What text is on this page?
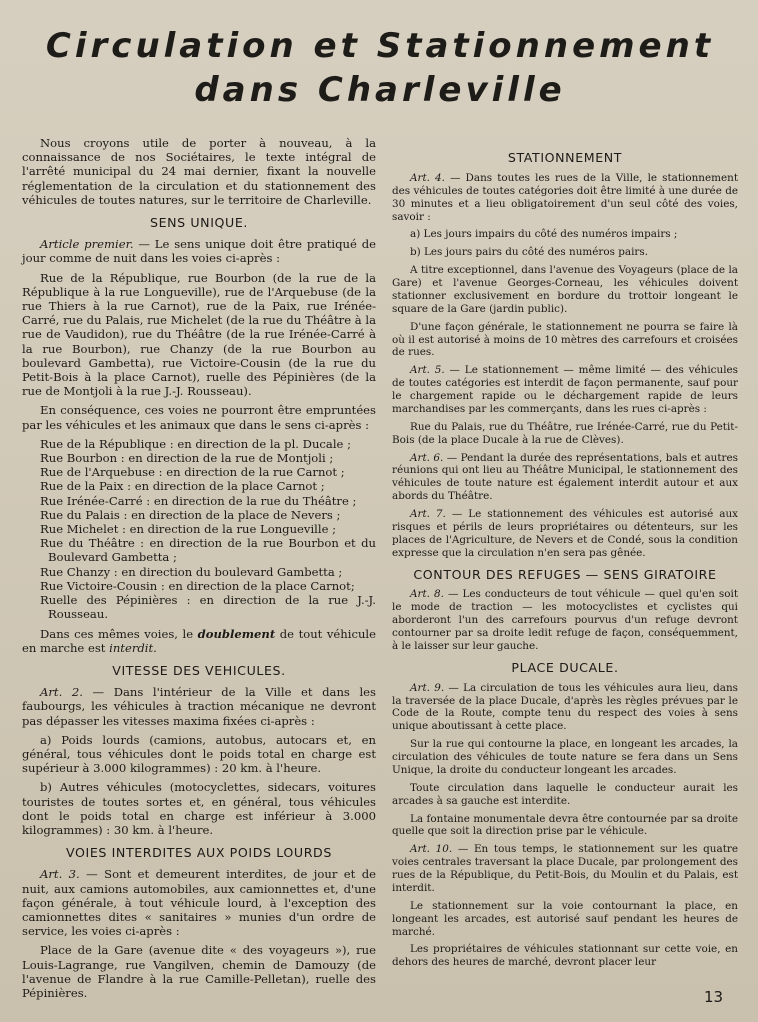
Circulation et Stationnement
dans Charleville

Nous croyons utile de porter à nouveau, à la connaissance de nos Sociétaires, le texte intégral de l'arrêté municipal du 24 mai dernier, fixant la nouvelle réglementation de la circulation et du stationnement des véhicules de toutes natures, sur le territoire de Charleville.

SENS UNIQUE.

Article premier. — Le sens unique doit être pratiqué de jour comme de nuit dans les voies ci-après :

Rue de la République, rue Bourbon (de la rue de la République à la rue Longueville), rue de l'Arquebuse (de la rue Thiers à la rue Carnot), rue de la Paix, rue Irénée-Carré, rue du Palais, rue Michelet (de la rue du Théâtre à la rue de Vaudidon), rue du Théâtre (de la rue Irénée-Carré à la rue Bourbon), rue Chanzy (de la rue Bourbon au boulevard Gambetta), rue Victoire-Cousin (de la rue du Petit-Bois à la place Carnot), ruelle des Pépinières (de la rue de Montjoli à la rue J.-J. Rousseau).

En conséquence, ces voies ne pourront être empruntées par les véhicules et les animaux que dans le sens ci-après :

Rue de la République : en direction de la pl. Ducale ;

Rue Bourbon : en direction de la rue de Montjoli ;

Rue de l'Arquebuse : en direction de la rue Carnot ;

Rue de la Paix : en direction de la place Carnot ;

Rue Irénée-Carré : en direction de la rue du Théâtre ;

Rue du Palais : en direction de la place de Nevers ;

Rue Michelet : en direction de la rue Longueville ;

Rue du Théâtre : en direction de la rue Bourbon et du Boulevard Gambetta ;

Rue Chanzy : en direction du boulevard Gambetta ;

Rue Victoire-Cousin : en direction de la place Carnot;

Ruelle des Pépinières : en direction de la rue J.-J. Rousseau.

Dans ces mêmes voies, le doublement de tout véhicule en marche est interdit.

VITESSE DES VEHICULES.

Art. 2. — Dans l'intérieur de la Ville et dans les faubourgs, les véhicules à traction mécanique ne devront pas dépasser les vitesses maxima fixées ci-après :

a) Poids lourds (camions, autobus, autocars et, en général, tous véhicules dont le poids total en charge est supérieur à 3.000 kilogrammes) : 20 km. à l'heure.

b) Autres véhicules (motocyclettes, sidecars, voitures touristes de toutes sortes et, en général, tous véhicules dont le poids total en charge est inférieur à 3.000 kilogrammes) : 30 km. à l'heure.

VOIES INTERDITES AUX POIDS LOURDS

Art. 3. — Sont et demeurent interdites, de jour et de nuit, aux camions automobiles, aux camionnettes et, d'une façon générale, à tout véhicule lourd, à l'exception des camionnettes dites « sanitaires » munies d'un ordre de service, les voies ci-après :

Place de la Gare (avenue dite « des voyageurs »), rue Louis-Lagrange, rue Vangilven, chemin de Damouzy (de l'avenue de Flandre à la rue Camille-Pelletan), ruelle des Pépinières.

STATIONNEMENT

Art. 4. — Dans toutes les rues de la Ville, le stationnement des véhicules de toutes catégories doit être limité à une durée de 30 minutes et a lieu obligatoirement d'un seul côté des voies, savoir :

a) Les jours impairs du côté des numéros impairs ;

b) Les jours pairs du côté des numéros pairs.

A titre exceptionnel, dans l'avenue des Voyageurs (place de la Gare) et l'avenue Georges-Corneau, les véhicules doivent stationner exclusivement en bordure du trottoir longeant le square de la Gare (jardin public).

D'une façon générale, le stationnement ne pourra se faire là où il est autorisé à moins de 10 mètres des carrefours et croisées de rues.

Art. 5. — Le stationnement — même limité — des véhicules de toutes catégories est interdit de façon permanente, sauf pour le chargement rapide ou le déchargement rapide de leurs marchandises par les commerçants, dans les rues ci-après :

Rue du Palais, rue du Théâtre, rue Irénée-Carré, rue du Petit-Bois (de la place Ducale à la rue de Clèves).

Art. 6. — Pendant la durée des représentations, bals et autres réunions qui ont lieu au Théâtre Municipal, le stationnement des véhicules de toute nature est également interdit autour et aux abords du Théâtre.

Art. 7. — Le stationnement des véhicules est autorisé aux risques et périls de leurs propriétaires ou détenteurs, sur les places de l'Agriculture, de Nevers et de Condé, sous la condition expresse que la circulation n'en sera pas gênée.

CONTOUR DES REFUGES — SENS GIRATOIRE

Art. 8. — Les conducteurs de tout véhicule — quel qu'en soit le mode de traction — les motocyclistes et cyclistes qui aborderont l'un des carrefours pourvus d'un refuge devront contourner par sa droite ledit refuge de façon, conséquemment, à le laisser sur leur gauche.

PLACE DUCALE.

Art. 9. — La circulation de tous les véhicules aura lieu, dans la traversée de la place Ducale, d'après les règles prévues par le Code de la Route, compte tenu du respect des voies à sens unique aboutissant à cette place.

Sur la rue qui contourne la place, en longeant les arcades, la circulation des véhicules de toute nature se fera dans un Sens Unique, la droite du conducteur longeant les arcades.

Toute circulation dans laquelle le conducteur aurait les arcades à sa gauche est interdite.

La fontaine monumentale devra être contournée par sa droite quelle que soit la direction prise par le véhicule.

Art. 10. — En tous temps, le stationnement sur les quatre voies centrales traversant la place Ducale, par prolongement des rues de la République, du Petit-Bois, du Moulin et du Palais, est interdit.

Le stationnement sur la voie contournant la place, en longeant les arcades, est autorisé sauf pendant les heures de marché.

Les propriétaires de véhicules stationnant sur cette voie, en dehors des heures de marché, devront placer leur

13
